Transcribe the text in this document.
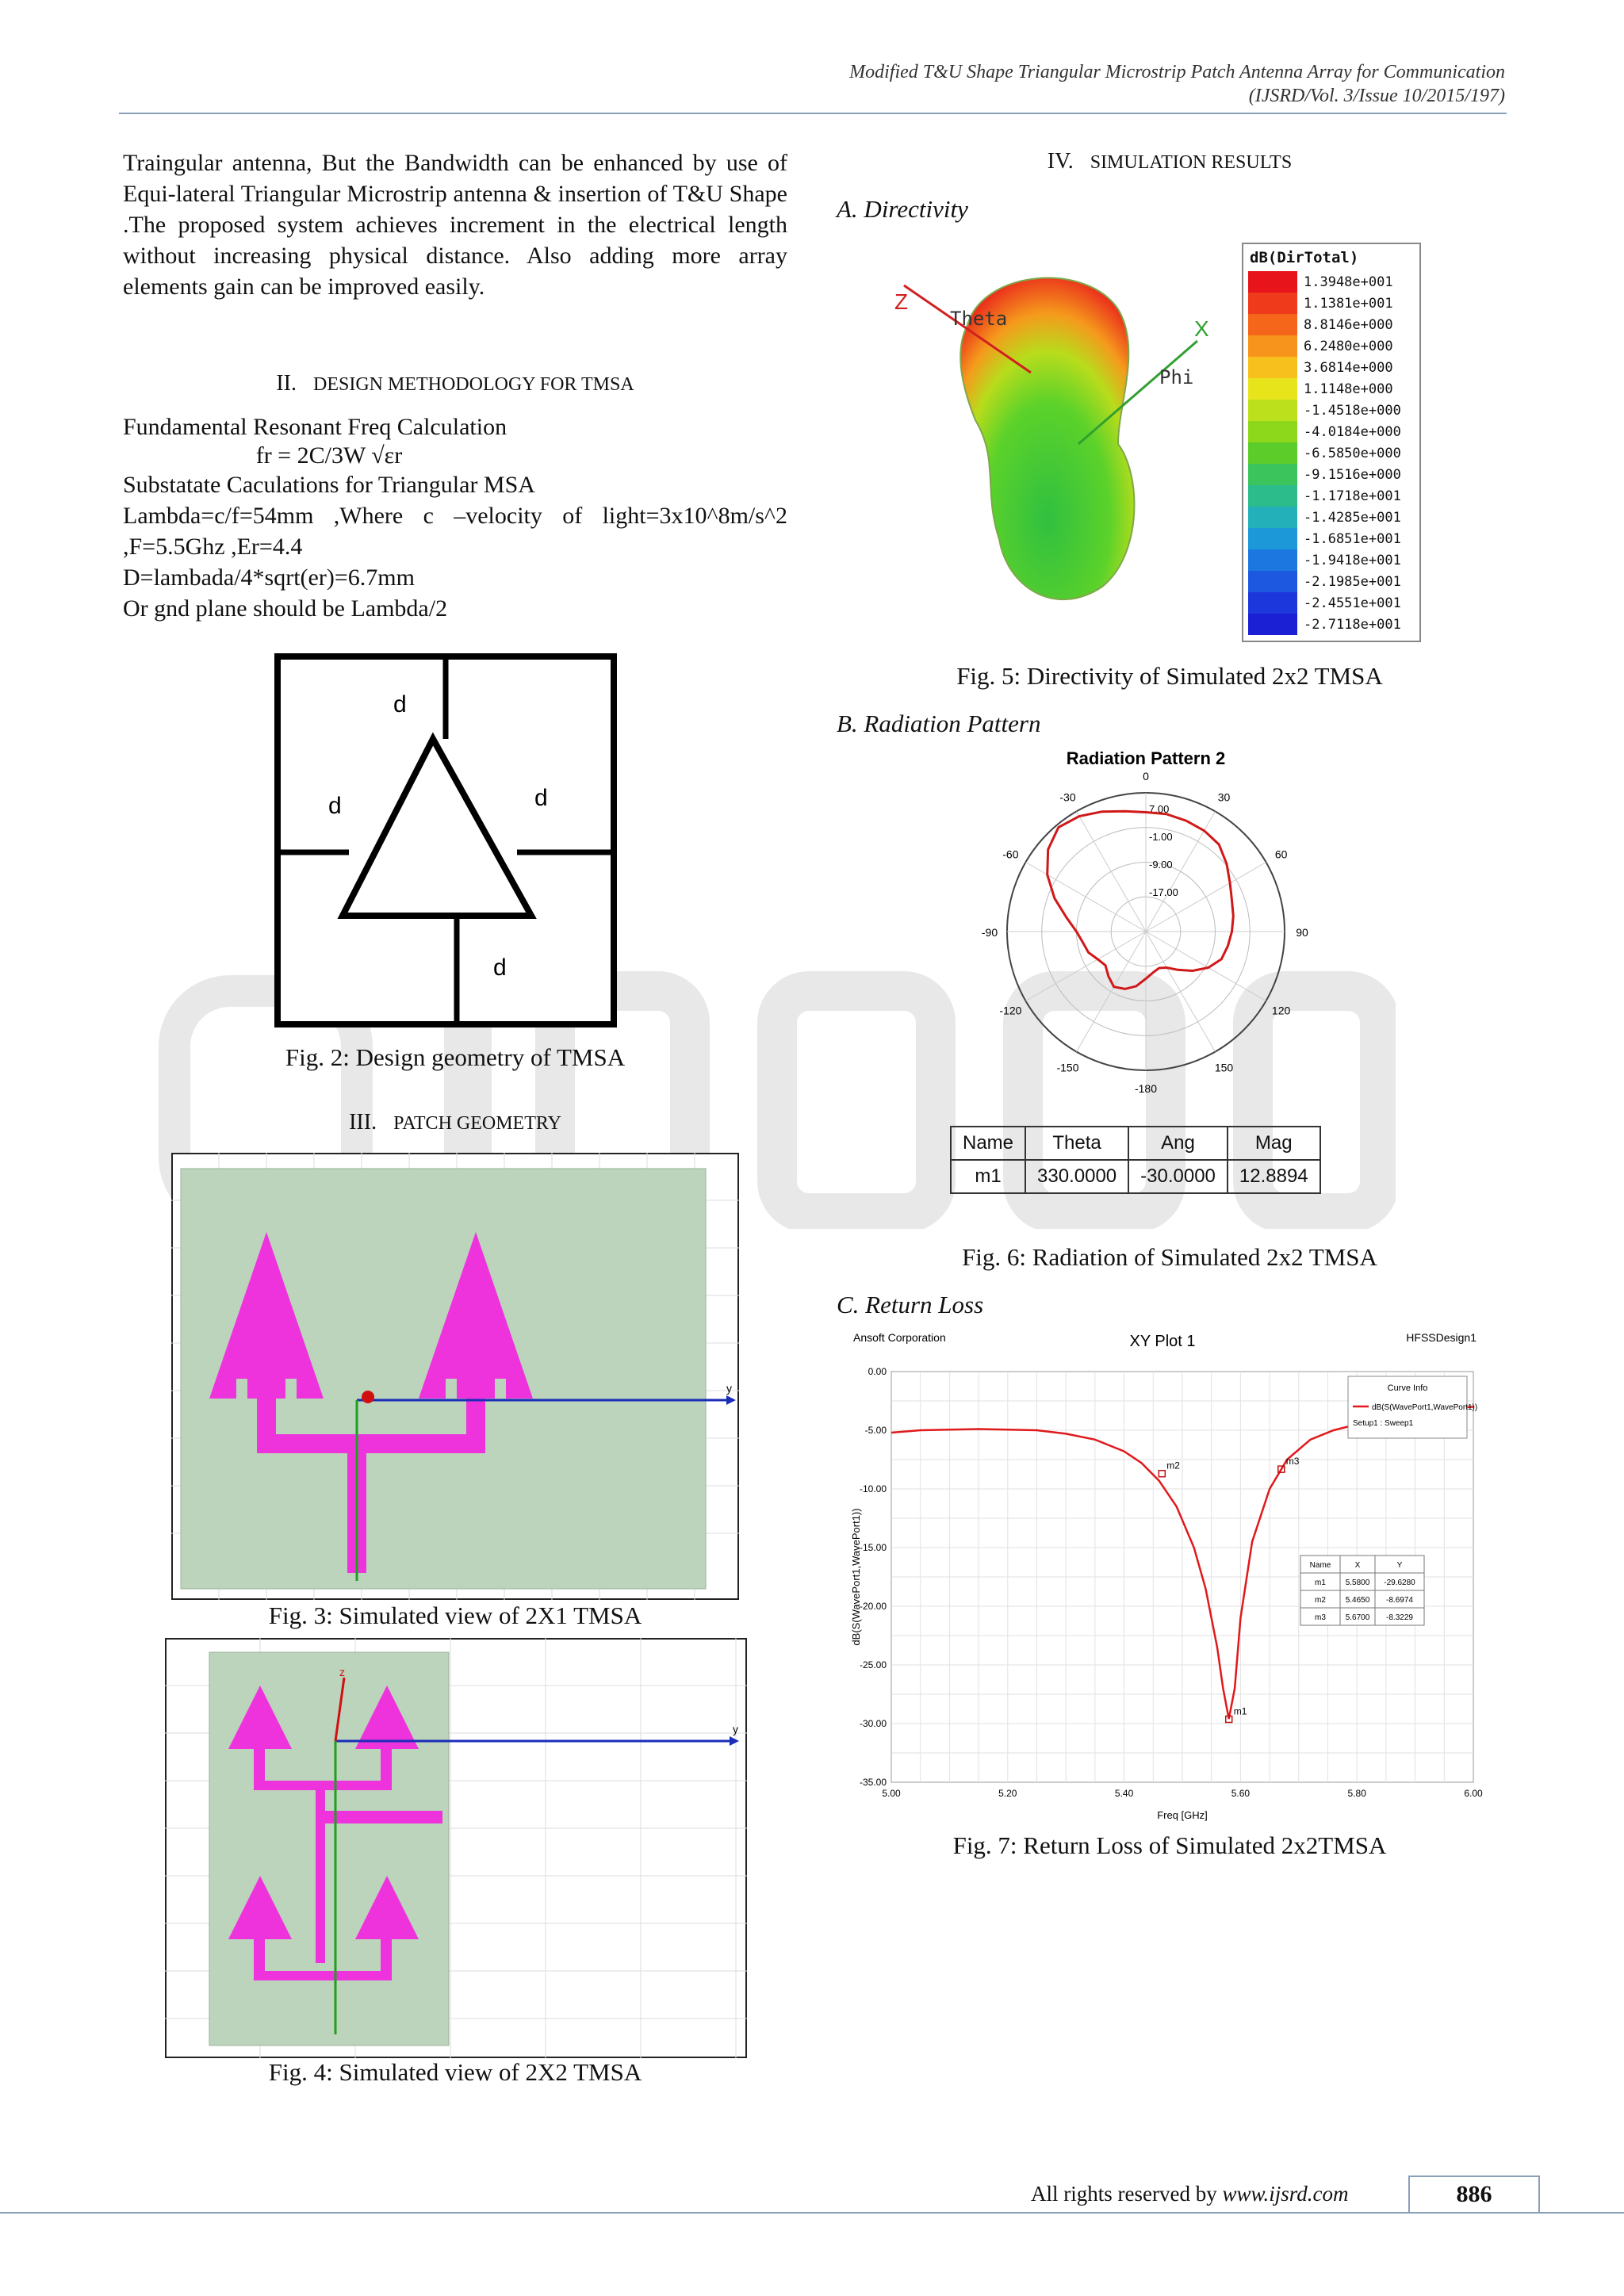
Modified T&U Shape Triangular Microstrip Patch Antenna Array for Communication
(IJSRD/Vol. 3/Issue 10/2015/197)
Traingular antenna, But the Bandwidth can be enhanced by use of Equi-lateral Triangular Microstrip antenna & insertion of T&U Shape .The proposed system achieves increment in the electrical length without increasing physical distance. Also adding more array elements gain can be improved easily.
II. DESIGN METHODOLOGY FOR TMSA
Fundamental Resonant Freq Calculation
fr = 2C/3W √εr
Substatate Caculations for Triangular MSA
Lambda=c/f=54mm ,Where c –velocity of light=3x10^8m/s^2 ,F=5.5Ghz ,Er=4.4
D=lambada/4*sqrt(er)=6.7mm
Or gnd plane should be Lambda/2
d
d	d
d
Fig. 2: Design geometry of TMSA
III. PATCH GEOMETRY
y
Fig. 3: Simulated view of 2X1 TMSA
y
z
Fig. 4: Simulated view of 2X2 TMSA
IV. SIMULATION RESULTS
A. Directivity
Z
Theta	X
Phi
dB(DirTotal)
1.3948e+001
1.1381e+001
8.8146e+000
6.2480e+000
3.6814e+000
1.1148e+000
-1.4518e+000
-4.0184e+000
-6.5850e+000
-9.1516e+000
-1.1718e+001
-1.4285e+001
-1.6851e+001
-1.9418e+001
-2.1985e+001
-2.4551e+001
-2.7118e+001
Fig. 5: Directivity of Simulated 2x2 TMSA
B. Radiation Pattern
Radiation Pattern 2
0
30
60
90
120
150
-180
-150
-120
-90
-60
-30
7.00
-1.00
-9.00
-17.00
Name	Theta	Ang	Mag
m1	330.0000	-30.0000	12.8894
Fig. 6: Radiation of Simulated 2x2 TMSA
C. Return Loss
Ansoft Corporation	XY Plot 1	HFSSDesign1
5.00	5.20	5.40	5.60	5.80	6.00
0.00
-5.00
-10.00
-15.00
-20.00
-25.00
-30.00
-35.00
m1
m2	m3
Freq [GHz]
dB(S(WavePort1,WavePort1))
Curve Info
dB(S(WavePort1,WavePort1))
Setup1 : Sweep1
Name	X	Y
m1 5.5800 -29.6280
m2 5.4650 -8.6974
m3 5.6700 -8.3229
Fig. 7: Return Loss of Simulated 2x2TMSA
All rights reserved by www.ijsrd.com	886
